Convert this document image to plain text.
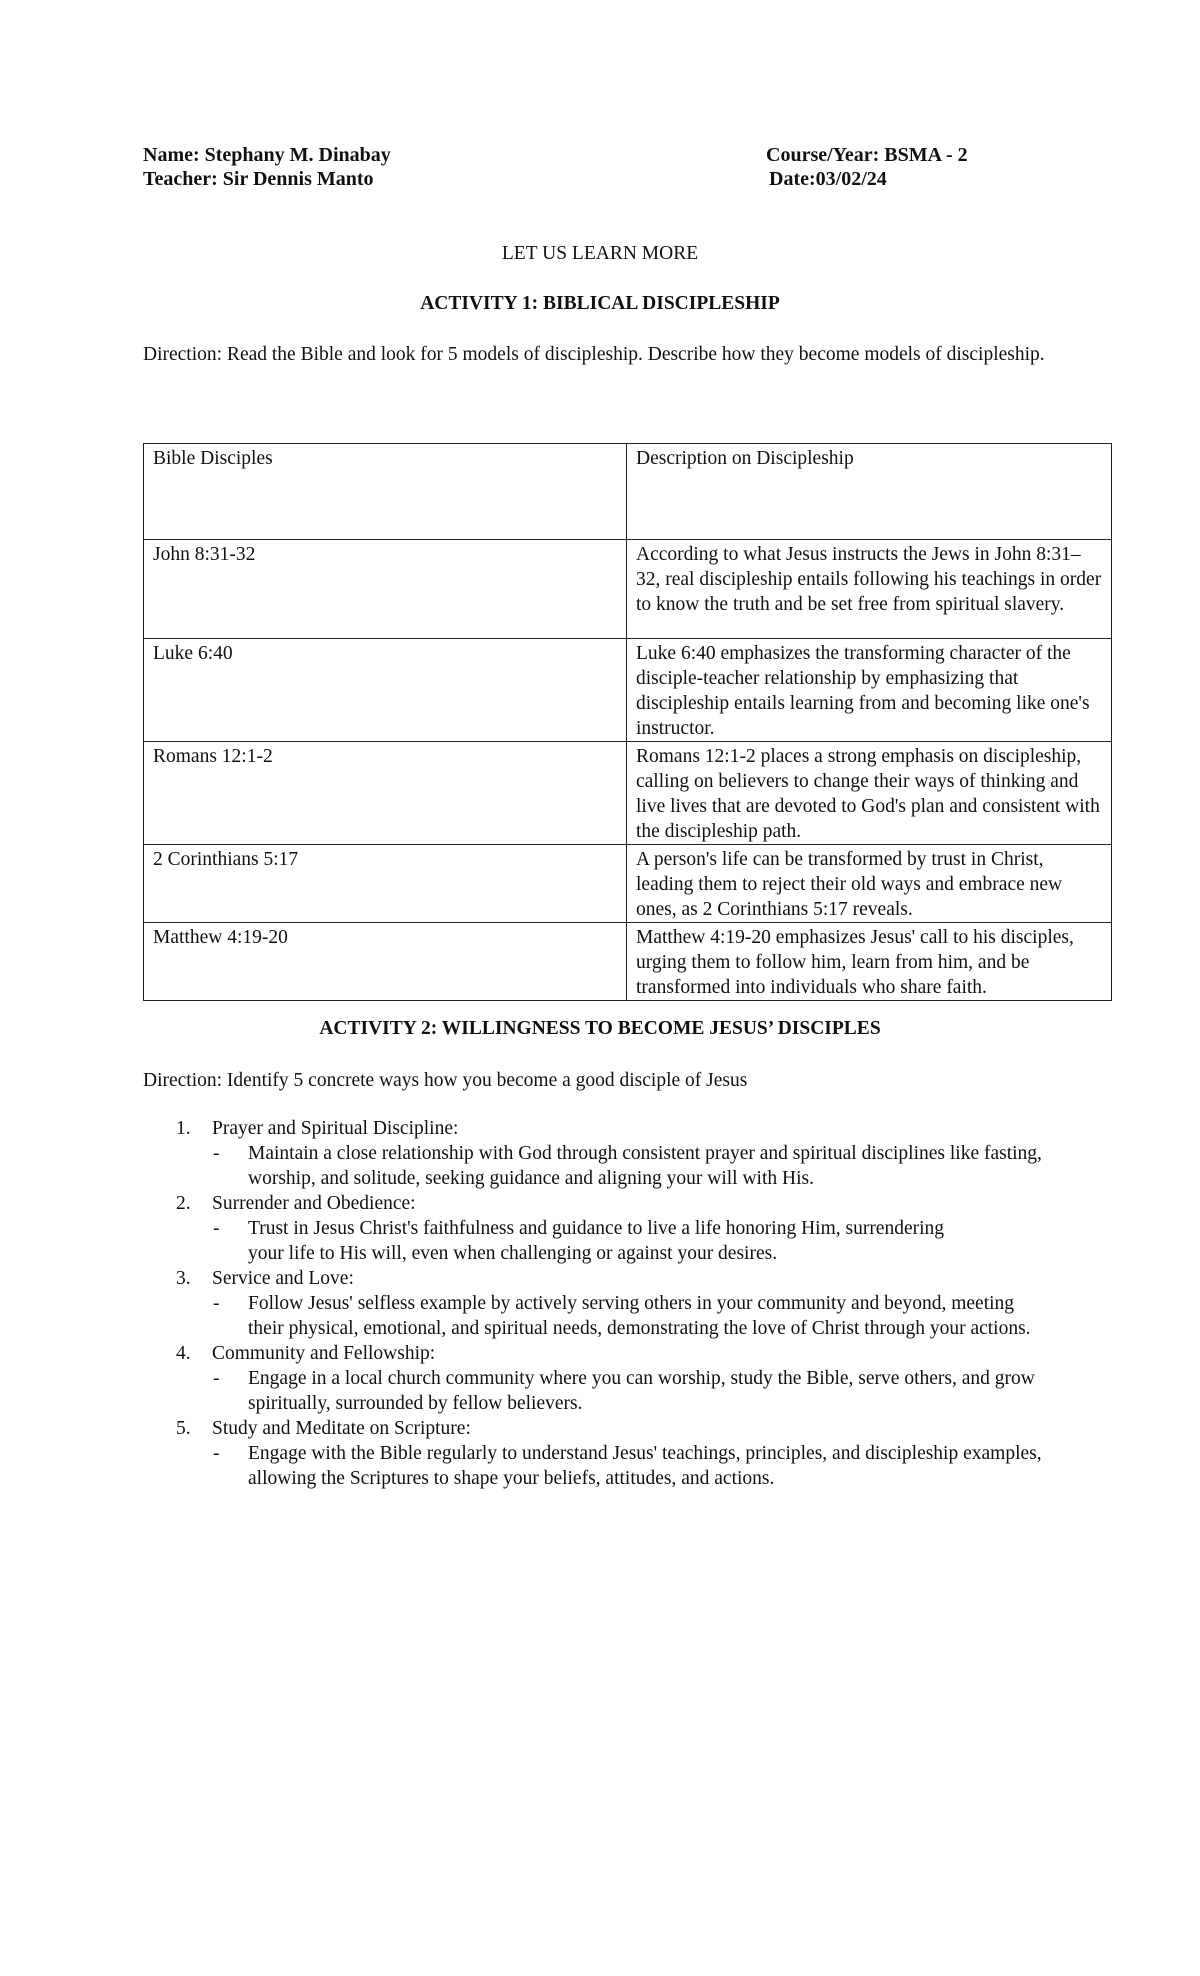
Name: Stephany M. Dinabay
Teacher: Sir Dennis Manto
Course/Year: BSMA - 2
Date:03/02/24
LET US LEARN MORE
ACTIVITY 1: BIBLICAL DISCIPLESHIP
Direction: Read the Bible and look for 5 models of discipleship. Describe how they become models of discipleship.
Bible Disciples	Description on Discipleship
John 8:31-32	According to what Jesus instructs the Jews in John 8:31–32, real discipleship entails following his teachings in order to know the truth and be set free from spiritual slavery.
Luke 6:40	Luke 6:40 emphasizes the transforming character of the disciple-teacher relationship by emphasizing that discipleship entails learning from and becoming like one's instructor.
Romans 12:1-2	Romans 12:1-2 places a strong emphasis on discipleship, calling on believers to change their ways of thinking and live lives that are devoted to God's plan and consistent with the discipleship path.
2 Corinthians 5:17	A person's life can be transformed by trust in Christ, leading them to reject their old ways and embrace new ones, as 2 Corinthians 5:17 reveals.
Matthew 4:19-20	Matthew 4:19-20 emphasizes Jesus' call to his disciples, urging them to follow him, learn from him, and be transformed into individuals who share faith.
ACTIVITY 2: WILLINGNESS TO BECOME JESUS’ DISCIPLES
Direction: Identify 5 concrete ways how you become a good disciple of Jesus
1. Prayer and Spiritual Discipline:
- Maintain a close relationship with God through consistent prayer and spiritual disciplines like fasting, worship, and solitude, seeking guidance and aligning your will with His.
2. Surrender and Obedience:
- Trust in Jesus Christ's faithfulness and guidance to live a life honoring Him, surrendering your life to His will, even when challenging or against your desires.
3. Service and Love:
- Follow Jesus' selfless example by actively serving others in your community and beyond, meeting their physical, emotional, and spiritual needs, demonstrating the love of Christ through your actions.
4. Community and Fellowship:
- Engage in a local church community where you can worship, study the Bible, serve others, and grow spiritually, surrounded by fellow believers.
5. Study and Meditate on Scripture:
- Engage with the Bible regularly to understand Jesus' teachings, principles, and discipleship examples, allowing the Scriptures to shape your beliefs, attitudes, and actions.
